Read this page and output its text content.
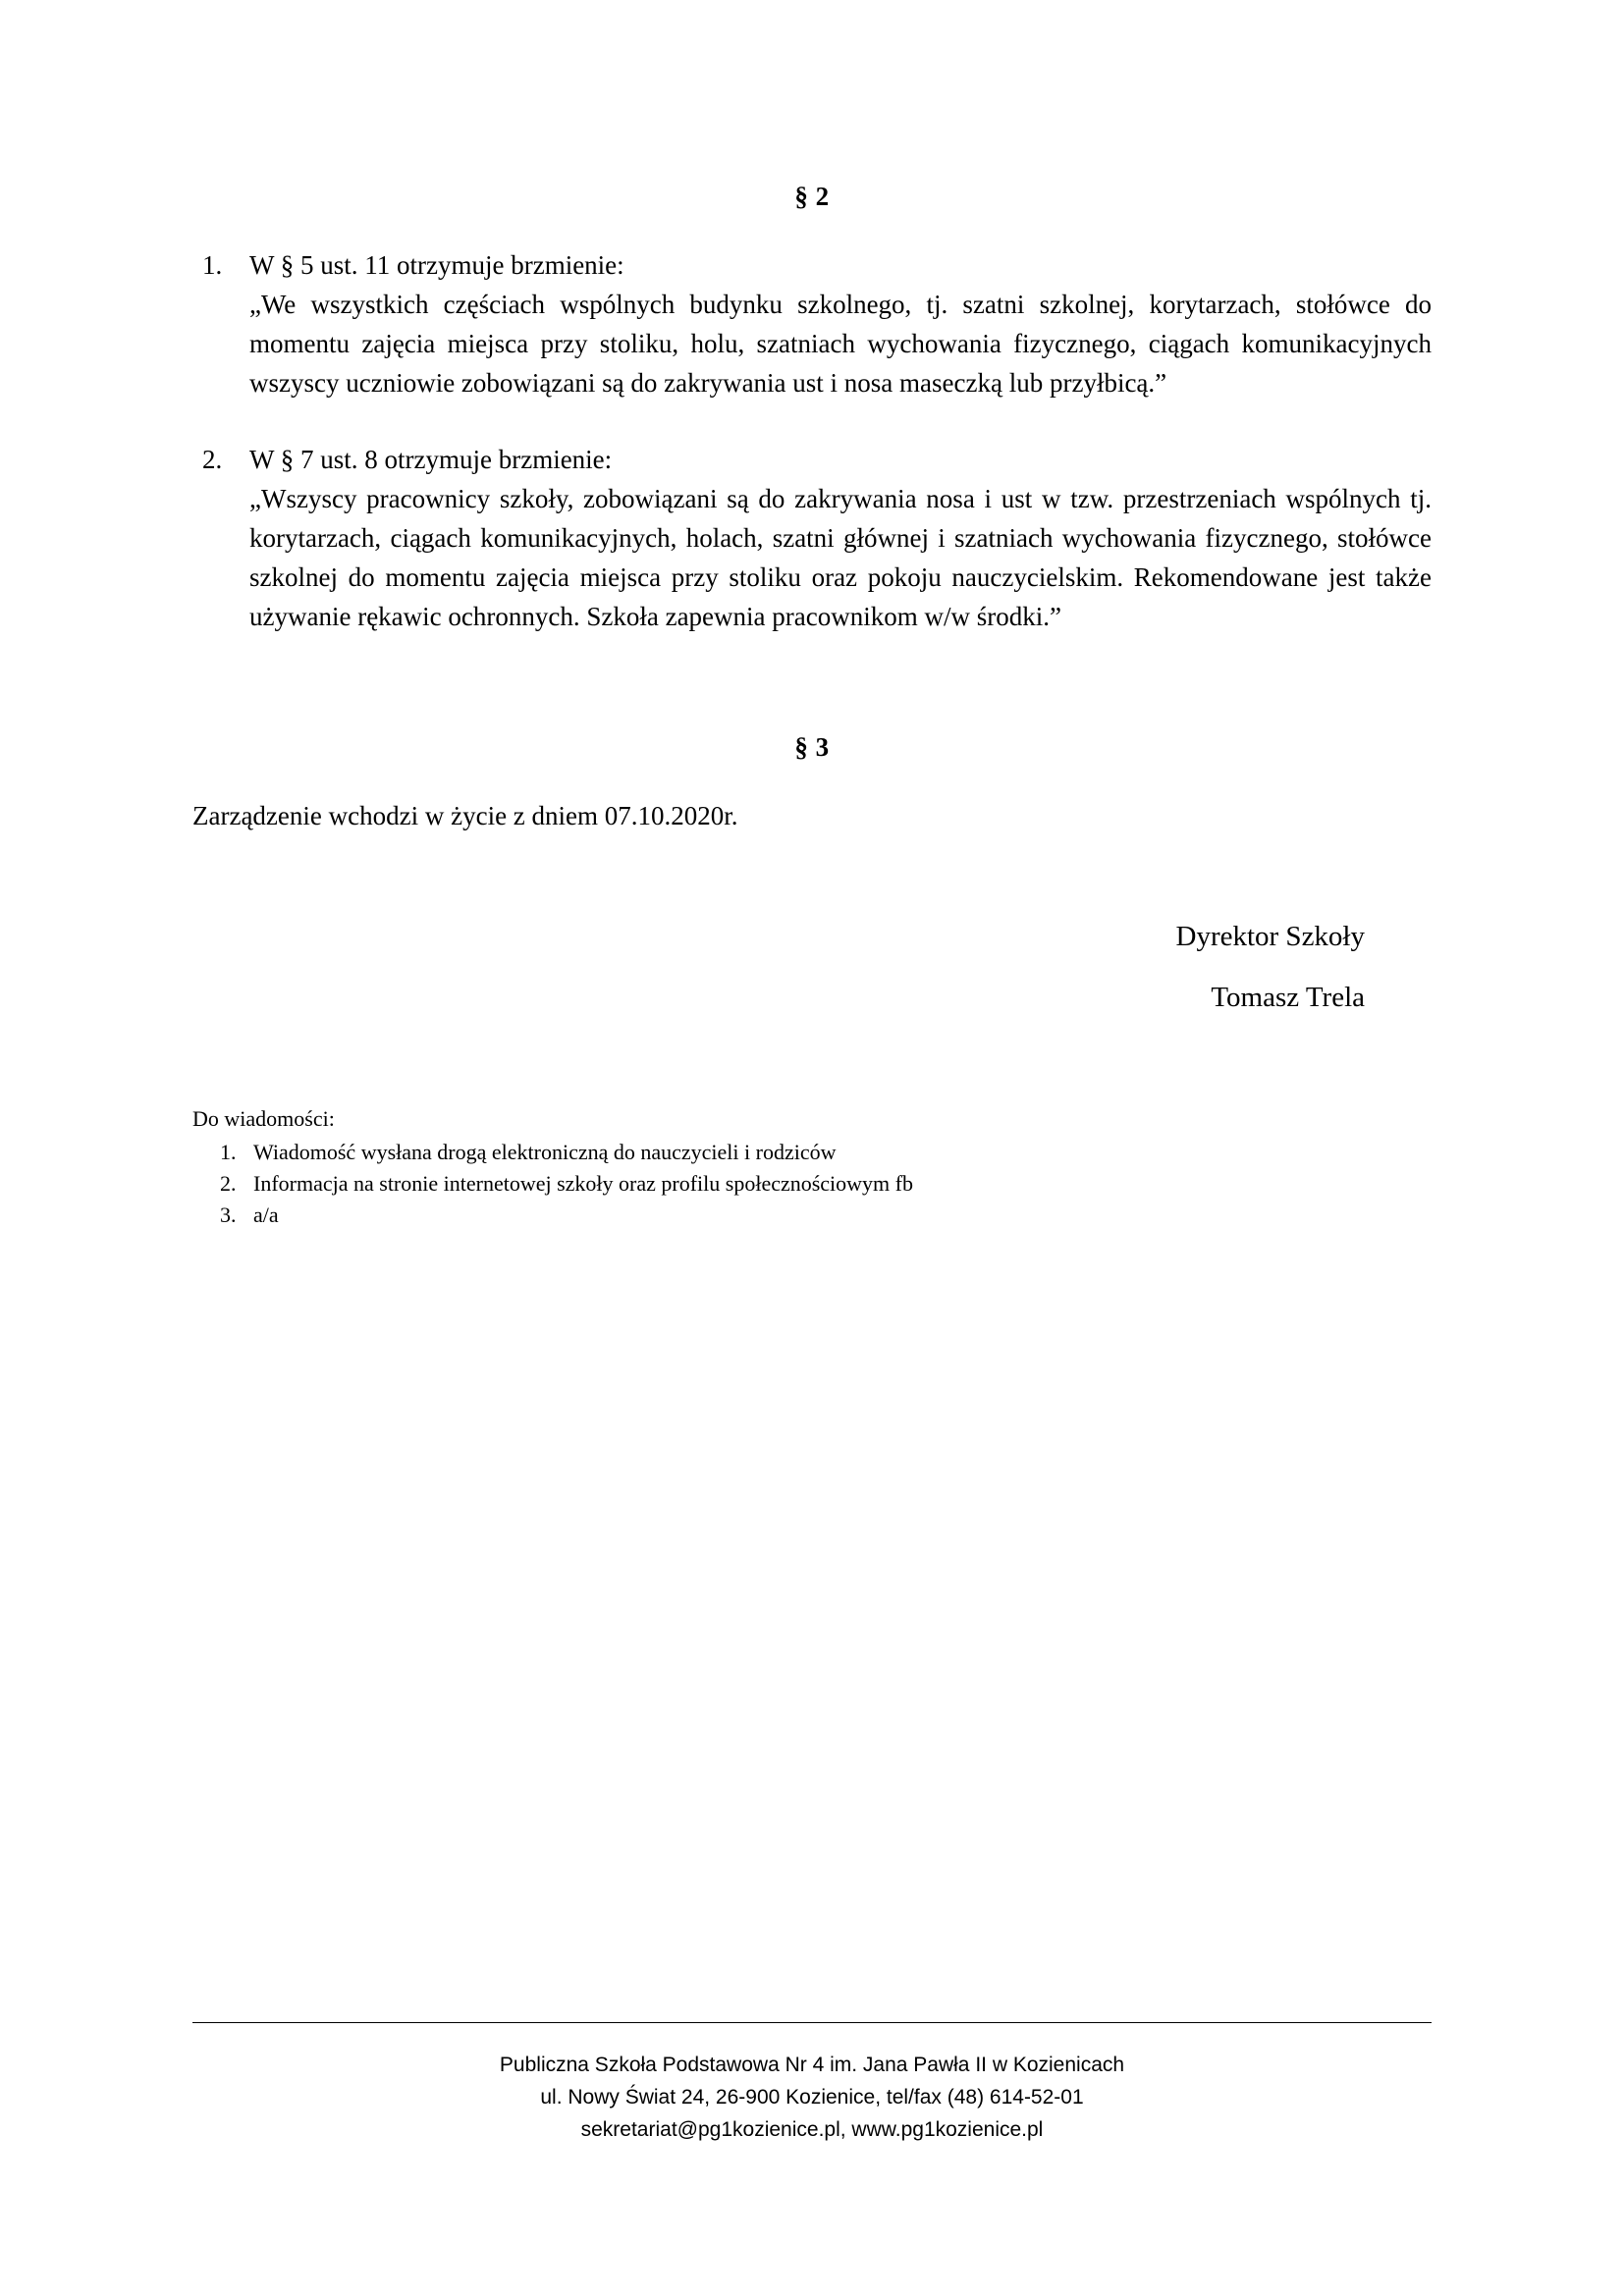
§ 2
1. W § 5 ust. 11 otrzymuje brzmienie:

„We wszystkich częściach wspólnych budynku szkolnego, tj. szatni szkolnej, korytarzach, stołówce do momentu zajęcia miejsca przy stoliku, holu, szatniach wychowania fizycznego, ciągach komunikacyjnych wszyscy uczniowie zobowiązani są do zakrywania ust i nosa maseczką lub przyłbicą.”

2. W § 7 ust. 8 otrzymuje brzmienie:

„Wszyscy pracownicy szkoły, zobowiązani są do zakrywania nosa i ust w tzw. przestrzeniach wspólnych tj. korytarzach, ciągach komunikacyjnych, holach, szatni głównej i szatniach wychowania fizycznego, stołówce szkolnej do momentu zajęcia miejsca przy stoliku oraz pokoju nauczycielskim. Rekomendowane jest także używanie rękawic ochronnych. Szkoła zapewnia pracownikom w/w środki.”

§ 3

Zarządzenie wchodzi w życie z dniem 07.10.2020r.

Dyrektor Szkoły
Tomasz Trela

Do wiadomości:

1. Wiadomość wysłana drogą elektroniczną do nauczycieli i rodziców
2. Informacja na stronie internetowej szkoły oraz profilu społecznościowym fb
3. a/a
Publiczna Szkoła Podstawowa Nr 4 im. Jana Pawła II w Kozienicach
ul. Nowy Świat 24, 26-900 Kozienice, tel/fax (48) 614-52-01
sekretariat@pg1kozienice.pl, www.pg1kozienice.pl
